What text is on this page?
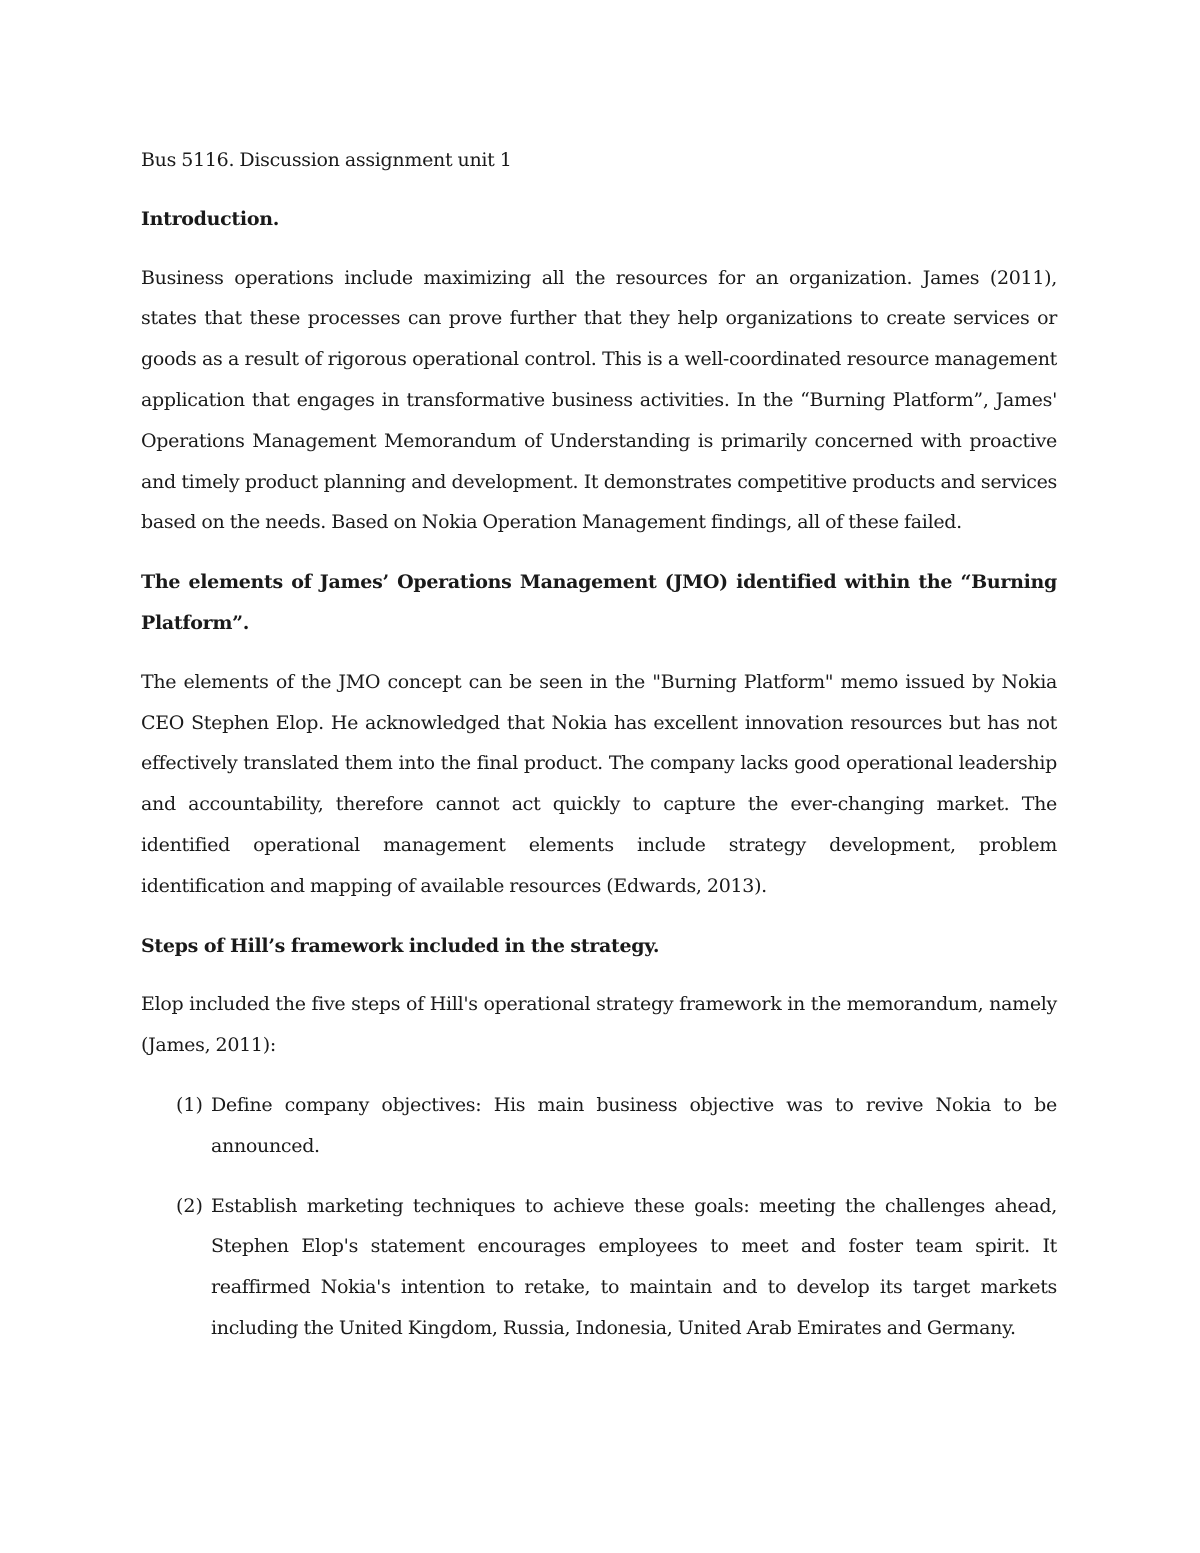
Bus 5116. Discussion assignment unit 1

Introduction.

Business operations include maximizing all the resources for an organization. James (2011), states that these processes can prove further that they help organizations to create services or goods as a result of rigorous operational control. This is a well-coordinated resource management application that engages in transformative business activities. In the “Burning Platform”, James' Operations Management Memorandum of Understanding is primarily concerned with proactive and timely product planning and development. It demonstrates competitive products and services based on the needs. Based on Nokia Operation Management findings, all of these failed.

The elements of James’ Operations Management (JMO) identified within the “Burning Platform”.

The elements of the JMO concept can be seen in the "Burning Platform" memo issued by Nokia CEO Stephen Elop. He acknowledged that Nokia has excellent innovation resources but has not effectively translated them into the final product. The company lacks good operational leadership and accountability, therefore cannot act quickly to capture the ever-changing market. The identified operational management elements include strategy development, problem identification and mapping of available resources (Edwards, 2013).

Steps of Hill’s framework included in the strategy.

Elop included the five steps of Hill's operational strategy framework in the memorandum, namely (James, 2011):

(1) Define company objectives: His main business objective was to revive Nokia to be announced.

(2) Establish marketing techniques to achieve these goals: meeting the challenges ahead, Stephen Elop's statement encourages employees to meet and foster team spirit. It reaffirmed Nokia's intention to retake, to maintain and to develop its target markets including the United Kingdom, Russia, Indonesia, United Arab Emirates and Germany.
